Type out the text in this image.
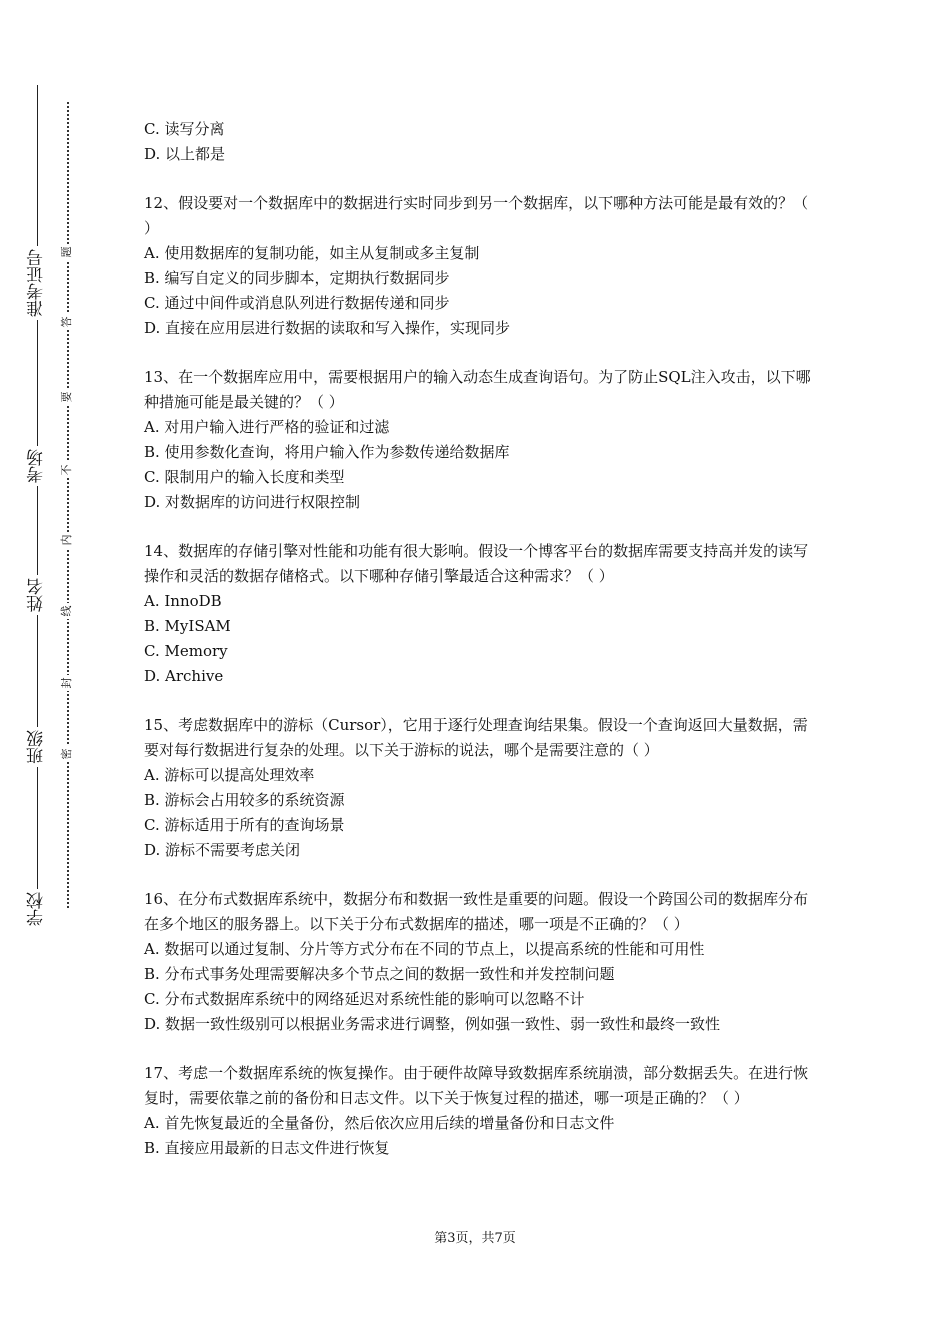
准考证号
考场
姓名
班级
学校
题
答
要
不
内
线
封
密

C. 读写分离

D. 以上都是

12、假设要对一个数据库中的数据进行实时同步到另一个数据库，以下哪种方法可能是最有效的？（ ）

A. 使用数据库的复制功能，如主从复制或多主复制

B. 编写自定义的同步脚本，定期执行数据同步

C. 通过中间件或消息队列进行数据传递和同步

D. 直接在应用层进行数据的读取和写入操作，实现同步

13、在一个数据库应用中，需要根据用户的输入动态生成查询语句。为了防止SQL注入攻击，以下哪种措施可能是最关键的？（ ）

A. 对用户输入进行严格的验证和过滤

B. 使用参数化查询，将用户输入作为参数传递给数据库

C. 限制用户的输入长度和类型

D. 对数据库的访问进行权限控制

14、数据库的存储引擎对性能和功能有很大影响。假设一个博客平台的数据库需要支持高并发的读写操作和灵活的数据存储格式。以下哪种存储引擎最适合这种需求？（ ）

A. InnoDB

B. MyISAM

C. Memory

D. Archive

15、考虑数据库中的游标（Cursor），它用于逐行处理查询结果集。假设一个查询返回大量数据，需要对每行数据进行复杂的处理。以下关于游标的说法，哪个是需要注意的（ ）

A. 游标可以提高处理效率

B. 游标会占用较多的系统资源

C. 游标适用于所有的查询场景

D. 游标不需要考虑关闭

16、在分布式数据库系统中，数据分布和数据一致性是重要的问题。假设一个跨国公司的数据库分布在多个地区的服务器上。以下关于分布式数据库的描述，哪一项是不正确的？（ ）

A. 数据可以通过复制、分片等方式分布在不同的节点上，以提高系统的性能和可用性

B. 分布式事务处理需要解决多个节点之间的数据一致性和并发控制问题

C. 分布式数据库系统中的网络延迟对系统性能的影响可以忽略不计

D. 数据一致性级别可以根据业务需求进行调整，例如强一致性、弱一致性和最终一致性

17、考虑一个数据库系统的恢复操作。由于硬件故障导致数据库系统崩溃，部分数据丢失。在进行恢复时，需要依靠之前的备份和日志文件。以下关于恢复过程的描述，哪一项是正确的？（ ）

A. 首先恢复最近的全量备份，然后依次应用后续的增量备份和日志文件

B. 直接应用最新的日志文件进行恢复

第3页，共7页
